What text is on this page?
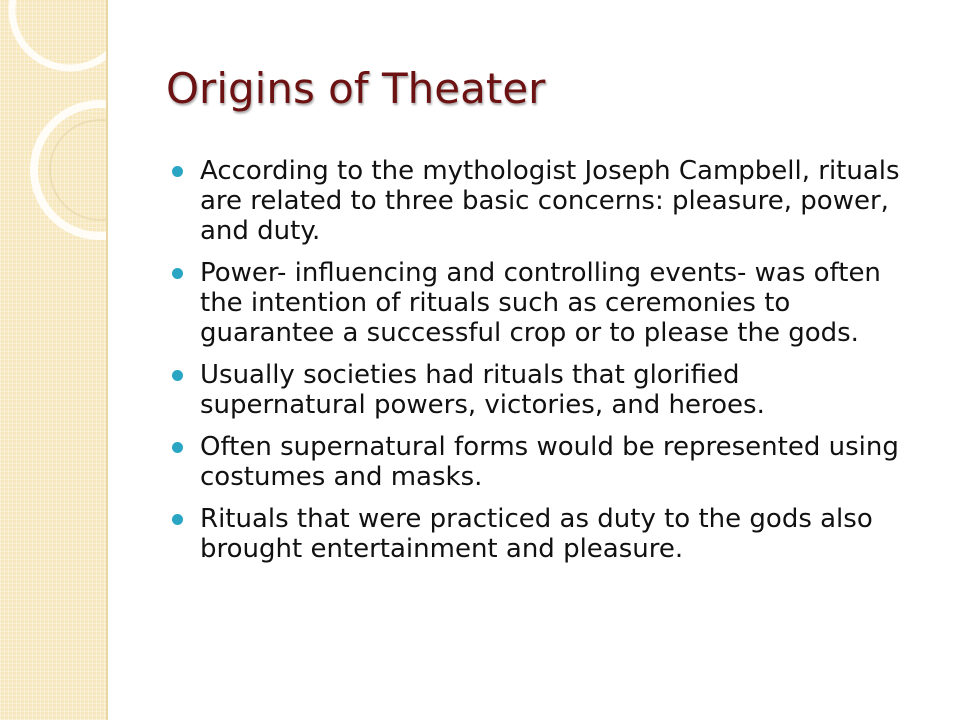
Origins of Theater
According to the mythologist Joseph Campbell, rituals are related to three basic concerns: pleasure, power, and duty.
Power- influencing and controlling events- was often the intention of rituals such as ceremonies to guarantee a successful crop or to please the gods.
Usually societies had rituals that glorified supernatural powers, victories, and heroes.
Often supernatural forms would be represented using costumes and masks.
Rituals that were practiced as duty to the gods also brought entertainment and pleasure.
